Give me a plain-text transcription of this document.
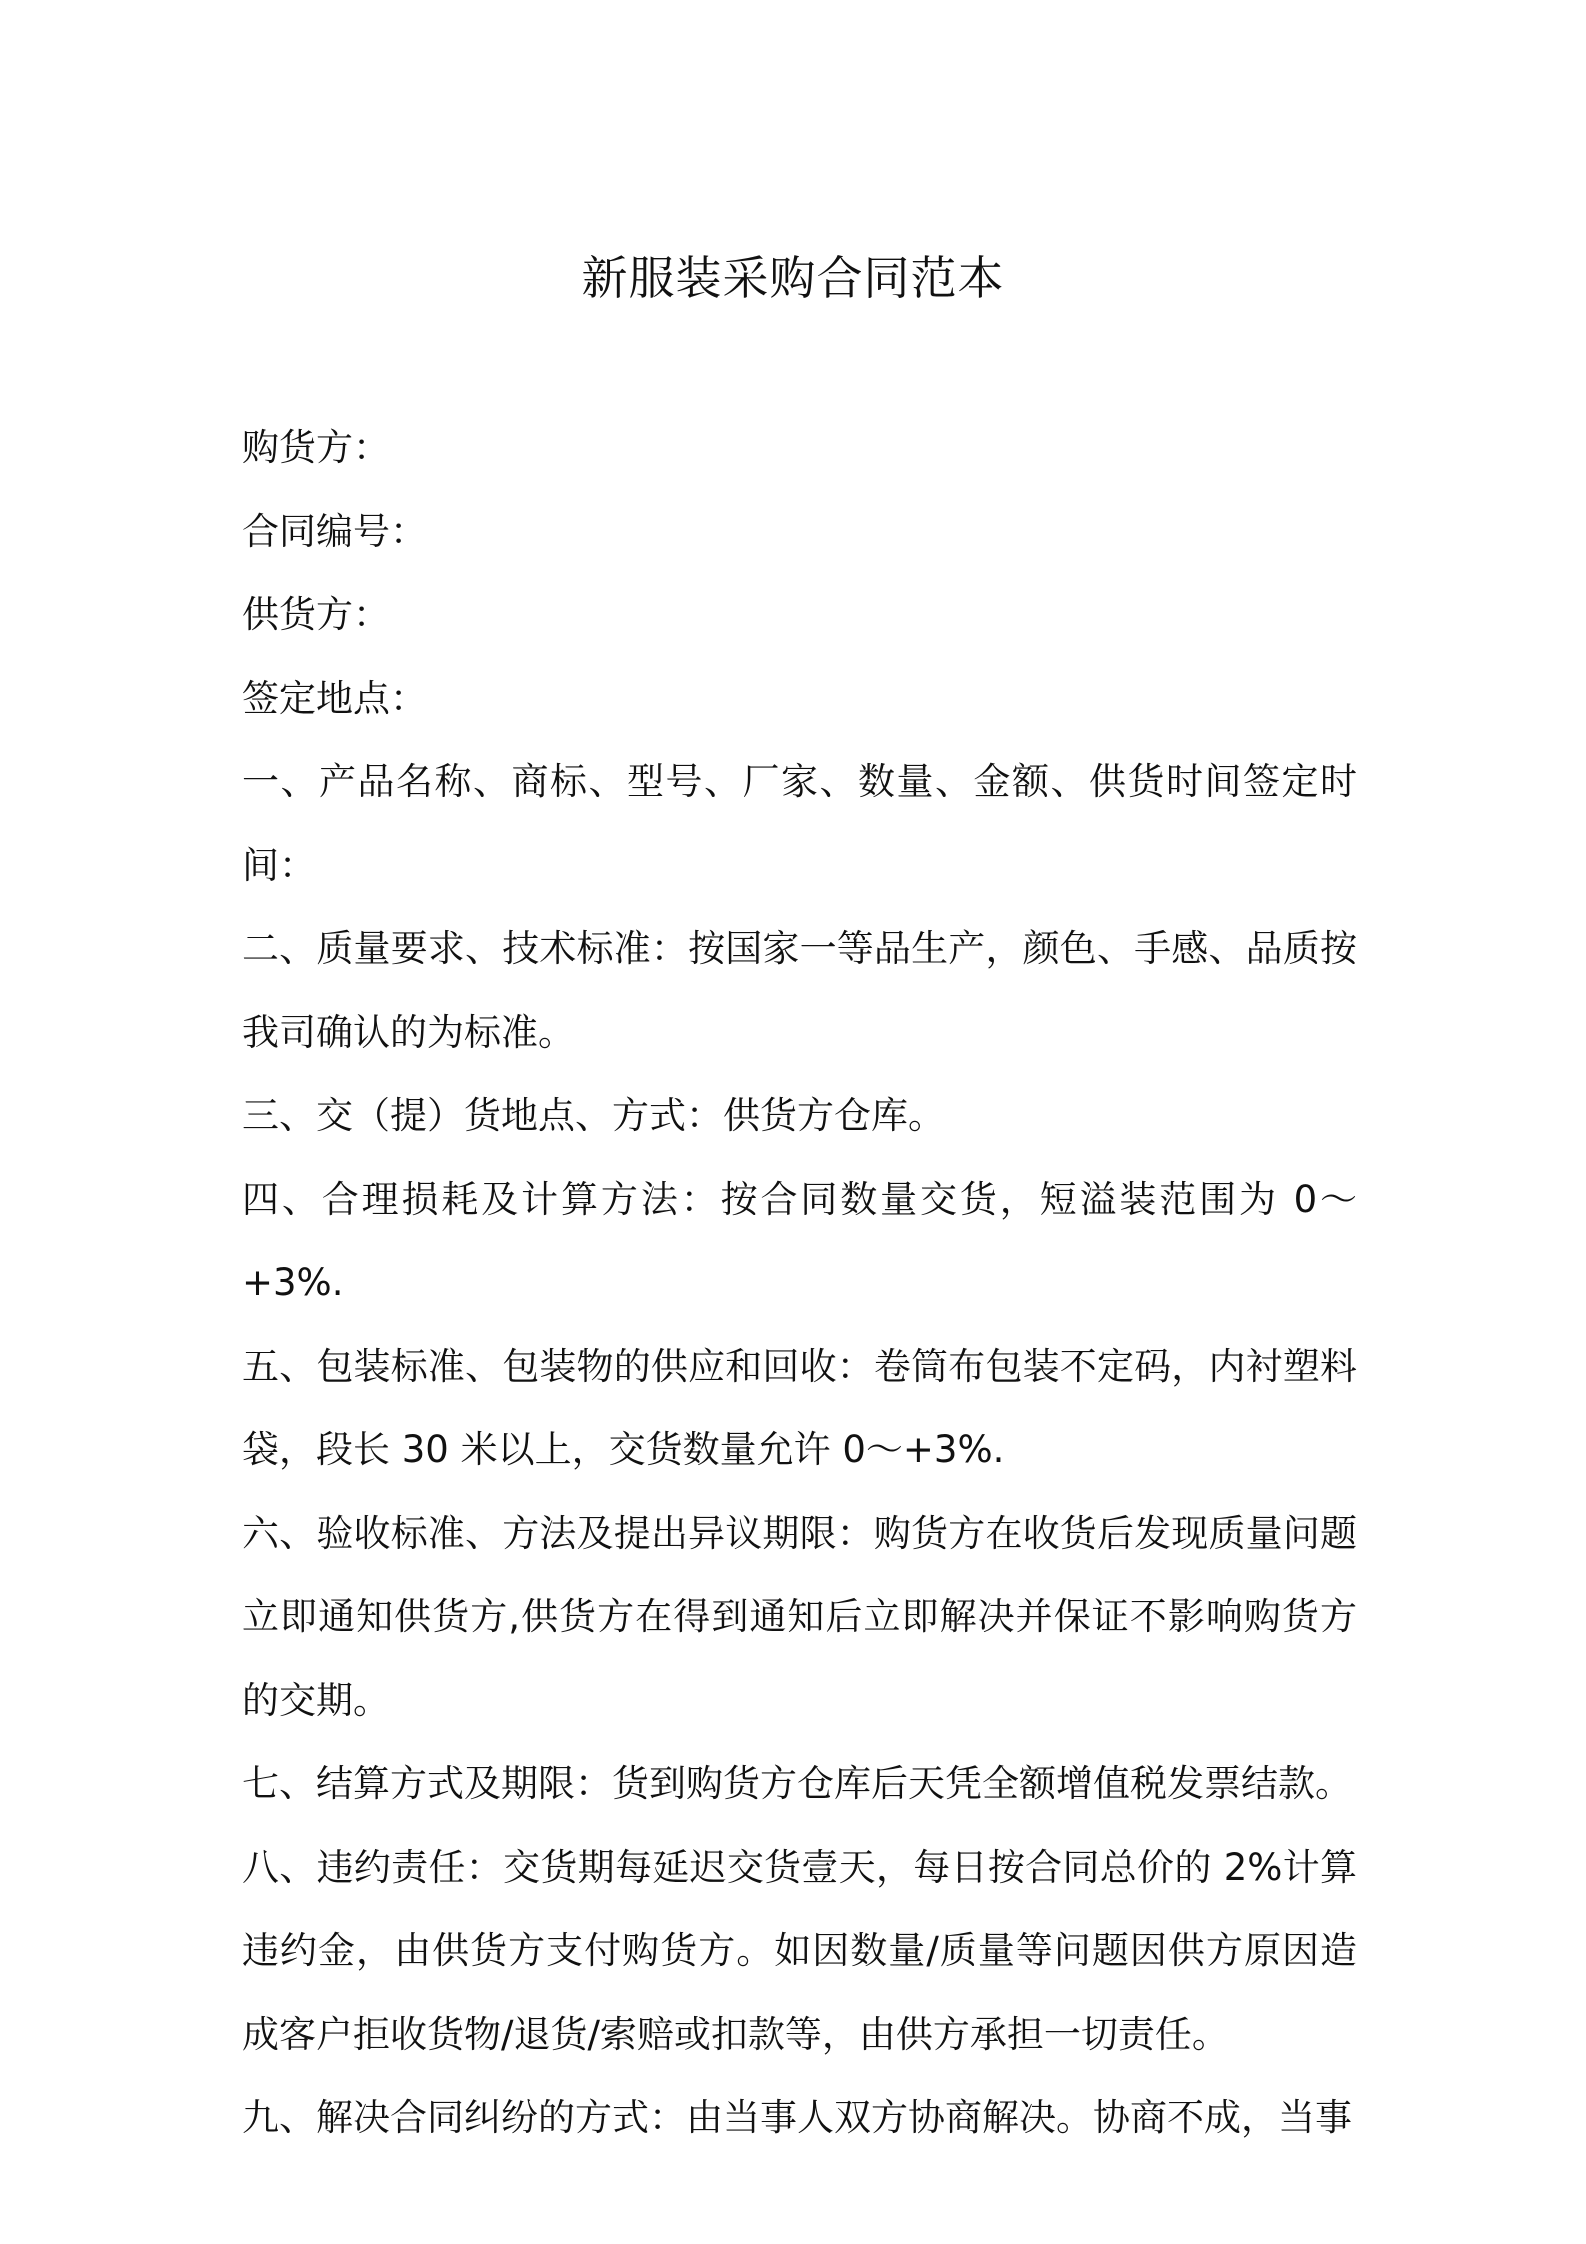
新服装采购合同范本

购货方：

合同编号：

供货方：

签定地点：

一、产品名称、商标、型号、厂家、数量、金额、供货时间签定时间：

二、质量要求、技术标准：按国家一等品生产，颜色、手感、品质按我司确认的为标准。

三、交（提）货地点、方式：供货方仓库。

四、合理损耗及计算方法：按合同数量交货，短溢装范围为 0～+3%.

五、包装标准、包装物的供应和回收：卷筒布包装不定码，内衬塑料袋，段长 30 米以上，交货数量允许 0～+3%.

六、验收标准、方法及提出异议期限：购货方在收货后发现质量问题立即通知供货方,供货方在得到通知后立即解决并保证不影响购货方的交期。

七、结算方式及期限：货到购货方仓库后天凭全额增值税发票结款。

八、违约责任：交货期每延迟交货壹天，每日按合同总价的 2%计算违约金，由供货方支付购货方。如因数量/质量等问题因供方原因造成客户拒收货物/退货/索赔或扣款等，由供方承担一切责任。

九、解决合同纠纷的方式：由当事人双方协商解决。协商不成，当事
